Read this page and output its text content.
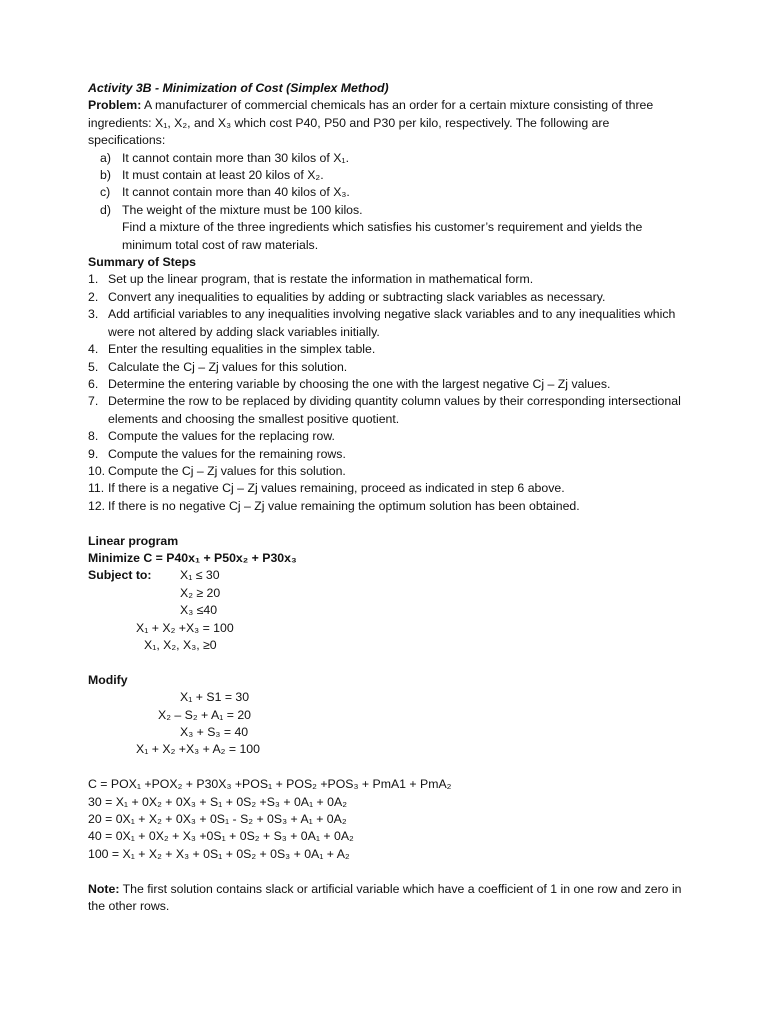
Activity 3B - Minimization of Cost (Simplex Method)

Problem: A manufacturer of commercial chemicals has an order for a certain mixture consisting of three ingredients: X₁, X₂, and X₃ which cost P40, P50 and P30 per kilo, respectively. The following are specifications:

a) It cannot contain more than 30 kilos of X₁.
b) It must contain at least 20 kilos of X₂.
c) It cannot contain more than 40 kilos of X₃.
d) The weight of the mixture must be 100 kilos.

Find a mixture of the three ingredients which satisfies his customer’s requirement and yields the minimum total cost of raw materials.

Summary of Steps

1. Set up the linear program, that is restate the information in mathematical form.
2. Convert any inequalities to equalities by adding or subtracting slack variables as necessary.
3. Add artificial variables to any inequalities involving negative slack variables and to any inequalities which were not altered by adding slack variables initially.
4. Enter the resulting equalities in the simplex table.
5. Calculate the Cj – Zj values for this solution.
6. Determine the entering variable by choosing the one with the largest negative Cj – Zj values.
7. Determine the row to be replaced by dividing quantity column values by their corresponding intersectional elements and choosing the smallest positive quotient.
8. Compute the values for the replacing row.
9. Compute the values for the remaining rows.
10. Compute the Cj – Zj values for this solution.
11. If there is a negative Cj – Zj values remaining, proceed as indicated in step 6 above.
12. If there is no negative Cj – Zj value remaining the optimum solution has been obtained.

Linear program

Minimize C = P40x₁ + P50x₂ + P30x₃

Subject to:	X₁ ≤ 30

X₂ ≥ 20

X₃ ≤40

X₁ + X₂ +X₃ = 100

X₁, X₂, X₃, ≥0

Modify

X₁ + S1 = 30

X₂ – S₂ + A₁ = 20

X₃ + S₃ = 40

X₁ + X₂ +X₃ + A₂ = 100

C = POX₁ +POX₂ + P30X₃ +POS₁ + POS₂ +POS₃ + PmA1 + PmA₂

30 = X₁ + 0X₂ + 0X₃ + S₁ + 0S₂ +S₃ + 0A₁ + 0A₂

20 = 0X₁ + X₂ + 0X₃ + 0S₁ - S₂ + 0S₃ + A₁ + 0A₂

40 = 0X₁ + 0X₂ + X₃ +0S₁ + 0S₂ + S₃ + 0A₁ + 0A₂

100 = X₁ + X₂ + X₃ + 0S₁ + 0S₂ + 0S₃ + 0A₁ + A₂

Note: The first solution contains slack or artificial variable which have a coefficient of 1 in one row and zero in the other rows.
